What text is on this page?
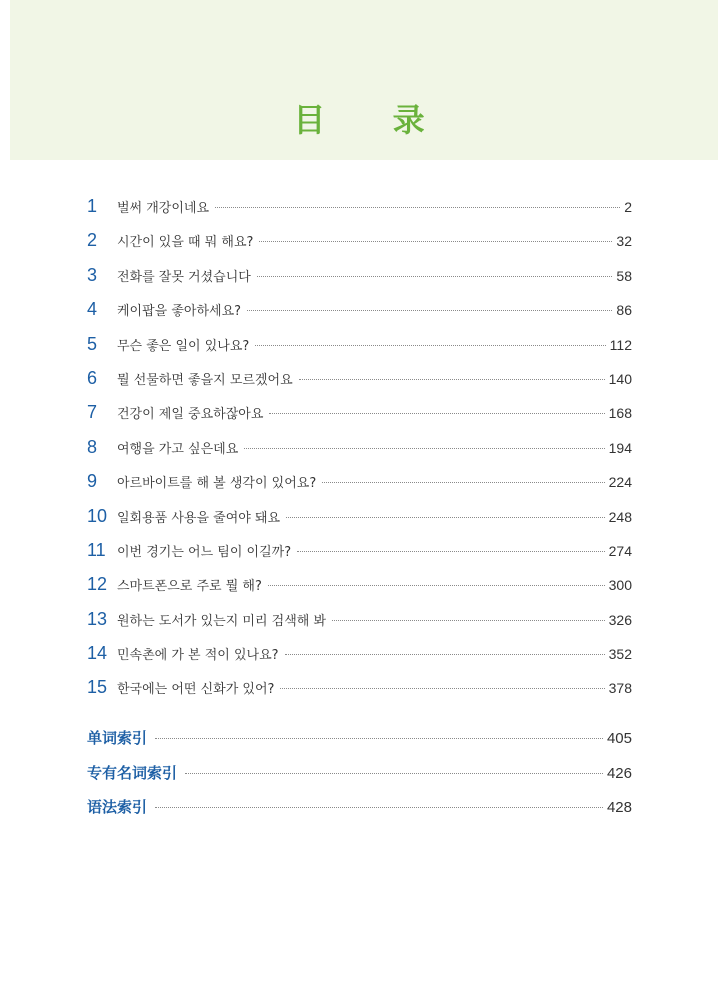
目 录
1	벌써 개강이네요	2
2	시간이 있을 때 뭐 해요?	32
3	전화를 잘못 거셨습니다	58
4	케이팝을 좋아하세요?	86
5	무슨 좋은 일이 있나요?	112
6	뭘 선물하면 좋을지 모르겠어요	140
7	건강이 제일 중요하잖아요	168
8	여행을 가고 싶은데요	194
9	아르바이트를 해 볼 생각이 있어요?	224
10 일회용품 사용을 줄여야 돼요	248
11 이번 경기는 어느 팀이 이길까?	274
12 스마트폰으로 주로 뭘 해?	300
13 원하는 도서가 있는지 미리 검색해 봐	326
14 민속촌에 가 본 적이 있나요?	352
15 한국에는 어떤 신화가 있어?	378
单词索引	405
专有名词索引	426
语法索引	428
